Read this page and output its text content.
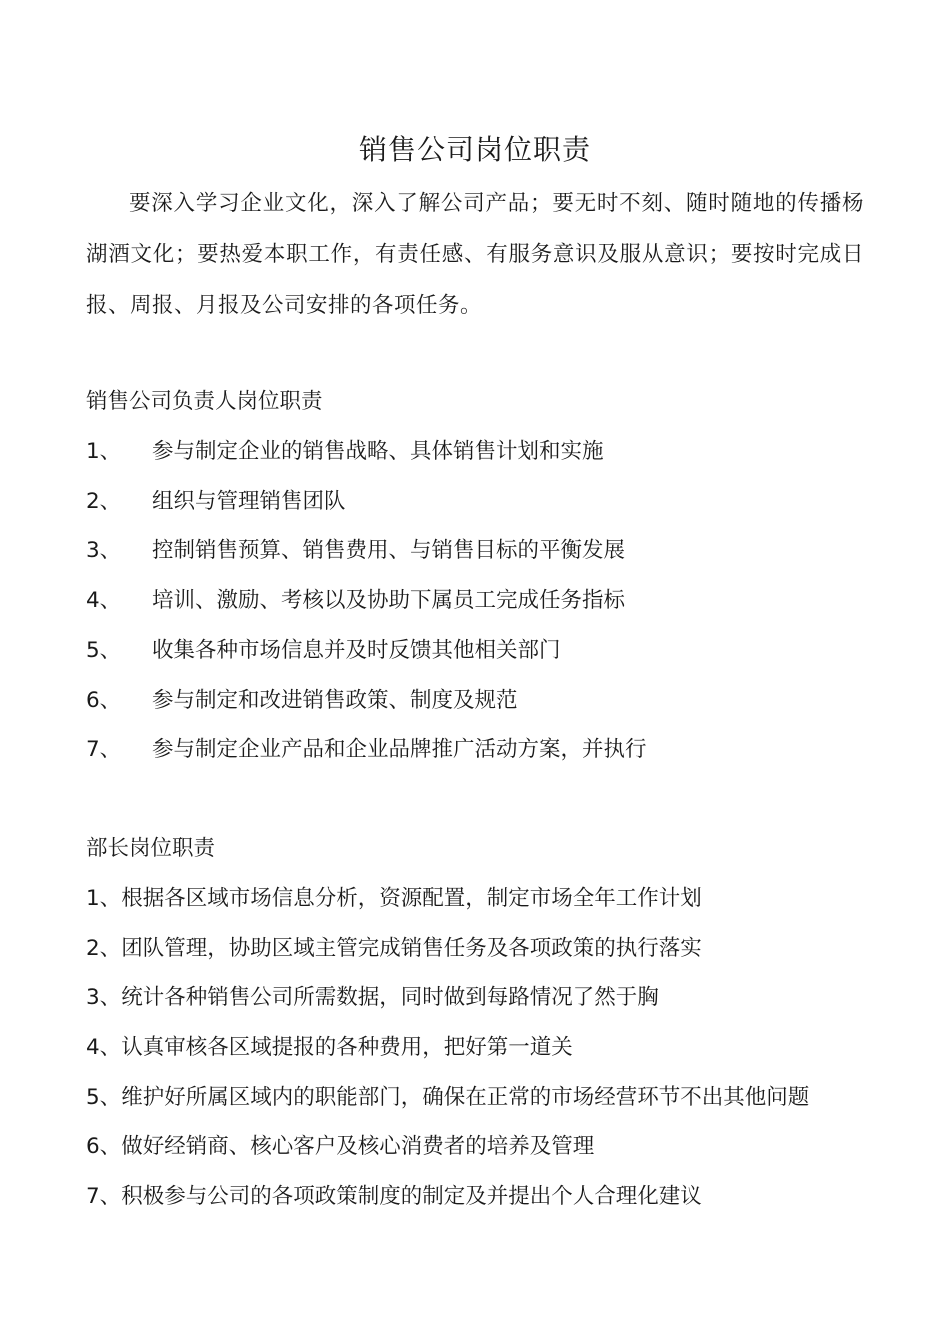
销售公司岗位职责

要深入学习企业文化，深入了解公司产品；要无时不刻、随时随地的传播杨湖酒文化；要热爱本职工作，有责任感、有服务意识及服从意识；要按时完成日报、周报、月报及公司安排的各项任务。

销售公司负责人岗位职责

1、 参与制定企业的销售战略、具体销售计划和实施
2、 组织与管理销售团队
3、 控制销售预算、销售费用、与销售目标的平衡发展
4、 培训、激励、考核以及协助下属员工完成任务指标
5、 收集各种市场信息并及时反馈其他相关部门
6、 参与制定和改进销售政策、制度及规范
7、 参与制定企业产品和企业品牌推广活动方案，并执行

部长岗位职责

1、根据各区域市场信息分析，资源配置，制定市场全年工作计划
2、团队管理，协助区域主管完成销售任务及各项政策的执行落实
3、统计各种销售公司所需数据，同时做到每路情况了然于胸
4、认真审核各区域提报的各种费用，把好第一道关
5、维护好所属区域内的职能部门，确保在正常的市场经营环节不出其他问题
6、做好经销商、核心客户及核心消费者的培养及管理
7、积极参与公司的各项政策制度的制定及并提出个人合理化建议
